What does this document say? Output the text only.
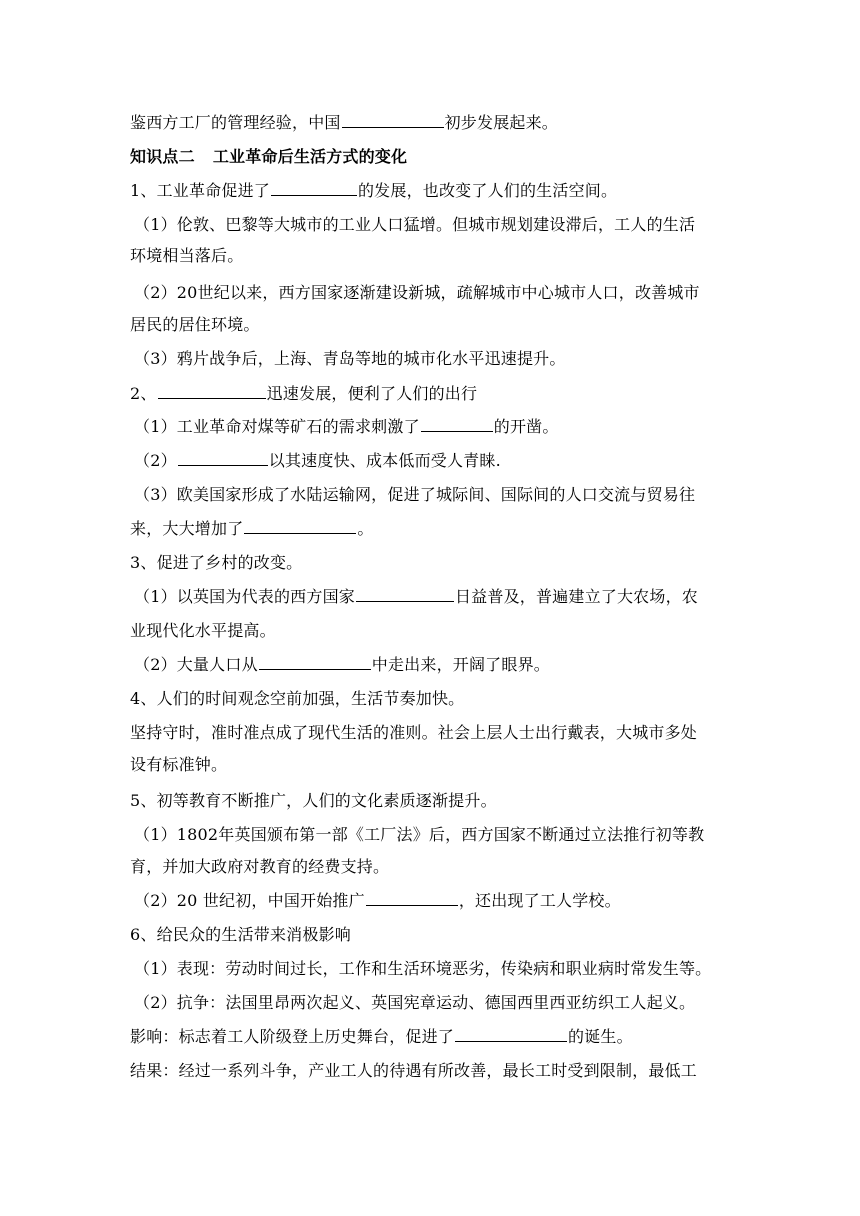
鉴西方工厂的管理经验，中国	初步发展起来。
知识点二 工业革命后生活方式的变化
1、工业革命促进了	的发展，也改变了人们的生活空间。
（1）伦敦、巴黎等大城市的工业人口猛增。但城市规划建设滞后，工人的生活
环境相当落后。
（2）20世纪以来，西方国家逐渐建设新城，疏解城市中心城市人口，改善城市
居民的居住环境。
（3）鸦片战争后，上海、青岛等地的城市化水平迅速提升。
2、	迅速发展，便利了人们的出行
（1）工业革命对煤等矿石的需求刺激了	的开凿。
（2）	以其速度快、成本低而受人青睐.
（3）欧美国家形成了水陆运输网，促进了城际间、国际间的人口交流与贸易往
来，大大增加了	。
3、促进了乡村的改变。
（1）以英国为代表的西方国家	日益普及，普遍建立了大农场，农
业现代化水平提高。
（2）大量人口从	中走出来，开阔了眼界。
4、人们的时间观念空前加强，生活节奏加快。
坚持守时，准时准点成了现代生活的准则。社会上层人士出行戴表，大城市多处
设有标准钟。
5、初等教育不断推广，人们的文化素质逐渐提升。
（1）1802年英国颁布第一部《工厂法》后，西方国家不断通过立法推行初等教
育，并加大政府对教育的经费支持。
（2）20 世纪初，中国开始推广	，还出现了工人学校。
6、给民众的生活带来消极影响
（1）表现：劳动时间过长，工作和生活环境恶劣，传染病和职业病时常发生等。
（2）抗争：法国里昂两次起义、英国宪章运动、德国西里西亚纺织工人起义。
影响：标志着工人阶级登上历史舞台，促进了	的诞生。
结果：经过一系列斗争，产业工人的待遇有所改善，最长工时受到限制，最低工
